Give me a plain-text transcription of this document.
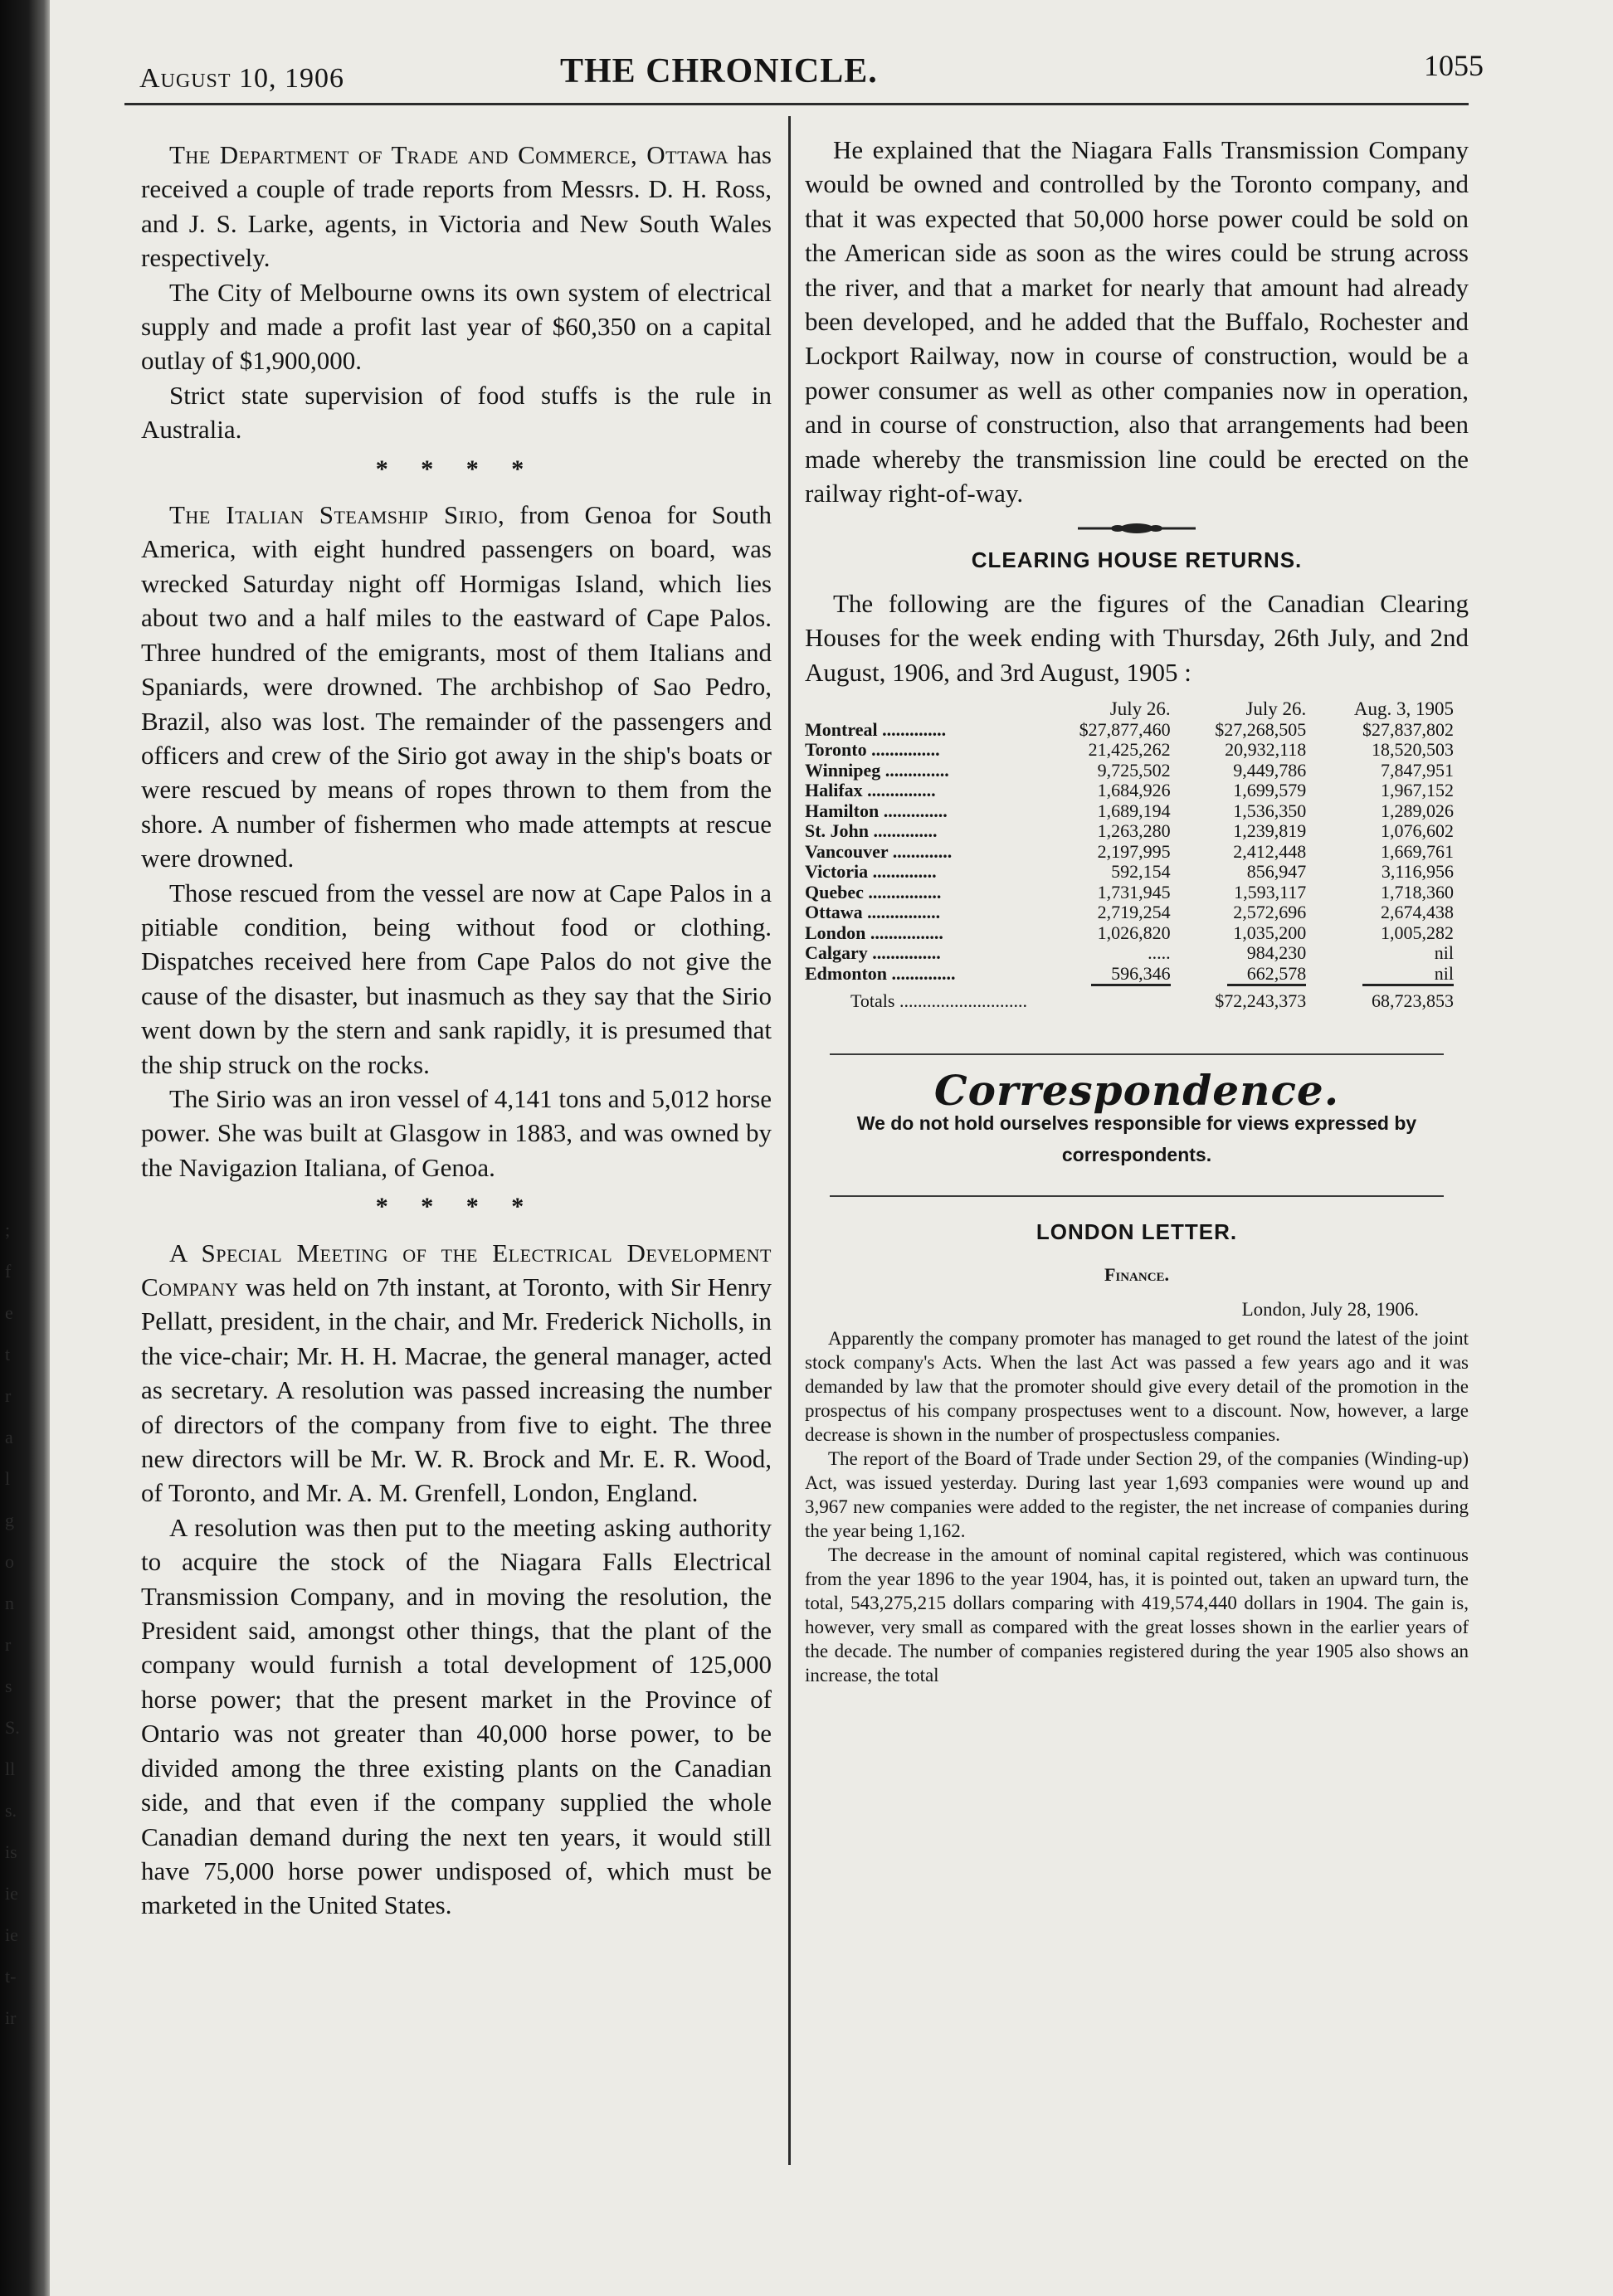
;
f
e
t
r
a
l
g
o
n
r
s
S.
ll
s.
is
ie
ie
t-
ir
August 10, 1906	THE CHRONICLE.	1055

The Department of Trade and Commerce, Ottawa has received a couple of trade reports from Messrs. D. H. Ross, and J. S. Larke, agents, in Victoria and New South Wales respectively.

The City of Melbourne owns its own system of electrical supply and made a profit last year of $60,350 on a capital outlay of $1,900,000.

Strict state supervision of food stuffs is the rule in Australia.

* * * *

The Italian Steamship Sirio, from Genoa for South America, with eight hundred passengers on board, was wrecked Saturday night off Hormigas Island, which lies about two and a half miles to the eastward of Cape Palos. Three hundred of the emigrants, most of them Italians and Spaniards, were drowned. The archbishop of Sao Pedro, Brazil, also was lost. The remainder of the passengers and officers and crew of the Sirio got away in the ship's boats or were rescued by means of ropes thrown to them from the shore. A number of fishermen who made attempts at rescue were drowned.

Those rescued from the vessel are now at Cape Palos in a pitiable condition, being without food or clothing. Dispatches received here from Cape Palos do not give the cause of the disaster, but inasmuch as they say that the Sirio went down by the stern and sank rapidly, it is presumed that the ship struck on the rocks.

The Sirio was an iron vessel of 4,141 tons and 5,012 horse power. She was built at Glasgow in 1883, and was owned by the Navigazion Italiana, of Genoa.

* * * *

A Special Meeting of the Electrical Development Company was held on 7th instant, at Toronto, with Sir Henry Pellatt, president, in the chair, and Mr. Frederick Nicholls, in the vice-chair; Mr. H. H. Macrae, the general manager, acted as secretary. A resolution was passed increasing the number of directors of the company from five to eight. The three new directors will be Mr. W. R. Brock and Mr. E. R. Wood, of Toronto, and Mr. A. M. Grenfell, London, England.

A resolution was then put to the meeting asking authority to acquire the stock of the Niagara Falls Electrical Transmission Company, and in moving the resolution, the President said, amongst other things, that the plant of the company would furnish a total development of 125,000 horse power; that the present market in the Province of Ontario was not greater than 40,000 horse power, to be divided among the three existing plants on the Canadian side, and that even if the company supplied the whole Canadian demand during the next ten years, it would still have 75,000 horse power undisposed of, which must be marketed in the United States.

He explained that the Niagara Falls Transmission Company would be owned and controlled by the Toronto company, and that it was expected that 50,000 horse power could be sold on the American side as soon as the wires could be strung across the river, and that a market for nearly that amount had already been developed, and he added that the Buffalo, Rochester and Lockport Railway, now in course of construction, would be a power consumer as well as other companies now in operation, and in course of construction, also that arrangements had been made whereby the transmission line could be erected on the railway right-of-way.

CLEARING HOUSE RETURNS.

The following are the figures of the Canadian Clearing Houses for the week ending with Thursday, 26th July, and 2nd August, 1906, and 3rd August, 1905 :

	July 26.	July 26.	Aug. 3, 1905
Montreal ..............	$27,877,460	$27,268,505	$27,837,802
Toronto ...............	21,425,262	20,932,118	18,520,503
Winnipeg ..............	9,725,502	9,449,786	7,847,951
Halifax ...............	1,684,926	1,699,579	1,967,152
Hamilton ..............	1,689,194	1,536,350	1,289,026
St. John ..............	1,263,280	1,239,819	1,076,602
Vancouver .............	2,197,995	2,412,448	1,669,761
Victoria ..............	592,154	856,947	3,116,956
Quebec ................	1,731,945	1,593,117	1,718,360
Ottawa ................	2,719,254	2,572,696	2,674,438
London ................	1,026,820	1,035,200	1,005,282
Calgary ...............	.....	984,230	nil
Edmonton ..............	596,346	662,578	nil

Totals ............................		$72,243,373	68,723,853
Correspondence.
We do not hold ourselves responsible for views expressed by correspondents.
LONDON LETTER.
Finance.
London, July 28, 1906.

Apparently the company promoter has managed to get round the latest of the joint stock company's Acts. When the last Act was passed a few years ago and it was demanded by law that the promoter should give every detail of the promotion in the prospectus of his company prospectuses went to a discount. Now, however, a large decrease is shown in the number of prospectusless companies.

The report of the Board of Trade under Section 29, of the companies (Winding-up) Act, was issued yesterday. During last year 1,693 companies were wound up and 3,967 new companies were added to the register, the net increase of companies during the year being 1,162.

The decrease in the amount of nominal capital registered, which was continuous from the year 1896 to the year 1904, has, it is pointed out, taken an upward turn, the total, 543,275,215 dollars comparing with 419,574,440 dollars in 1904. The gain is, however, very small as compared with the great losses shown in the earlier years of the decade. The number of companies registered during the year 1905 also shows an increase, the total
